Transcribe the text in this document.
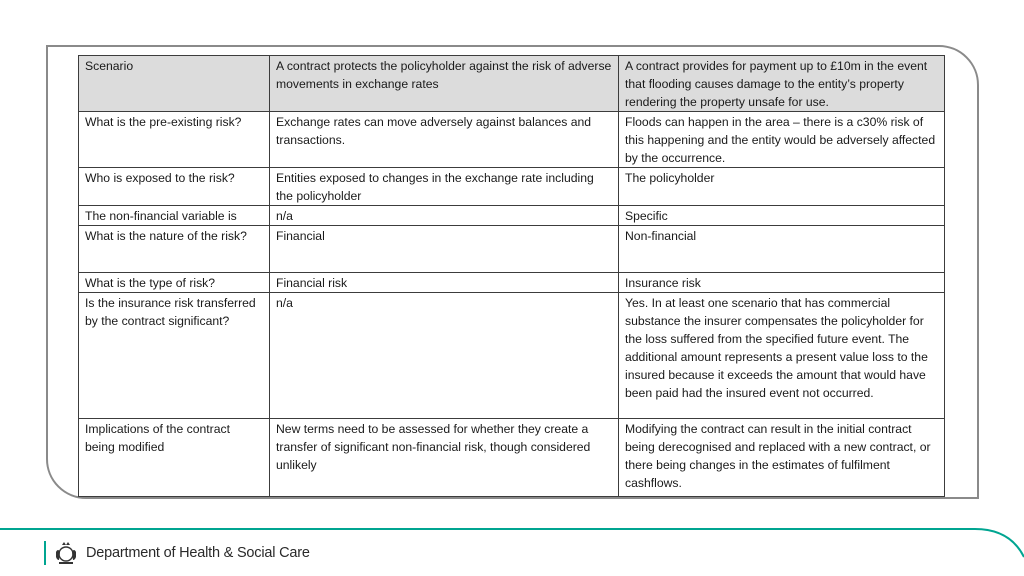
Scenario	A contract protects the policyholder against the risk of adverse movements in exchange rates	A contract provides for payment up to £10m in the event that flooding causes damage to the entity’s property rendering the property unsafe for use.
What is the pre-existing risk?	Exchange rates can move adversely against balances and transactions.	Floods can happen in the area – there is a c30% risk of this happening and the entity would be adversely affected by the occurrence.
Who is exposed to the risk?	Entities exposed to changes in the exchange rate including the policyholder	The policyholder
The non-financial variable is	n/a	Specific
What is the nature of the risk?	Financial	Non-financial
What is the type of risk?	Financial risk	Insurance risk
Is the insurance risk transferred by the contract significant?	n/a	Yes. In at least one scenario that has commercial substance the insurer compensates the policyholder for the loss suffered from the specified future event. The additional amount represents a present value loss to the insured because it exceeds the amount that would have been paid had the insured event not occurred.
Implications of the contract being modified	New terms need to be assessed for whether they create a transfer of significant non-financial risk, though considered unlikely	Modifying the contract can result in the initial contract being derecognised and replaced with a new contract, or there being changes in the estimates of fulfilment cashflows.
Department of Health & Social Care
